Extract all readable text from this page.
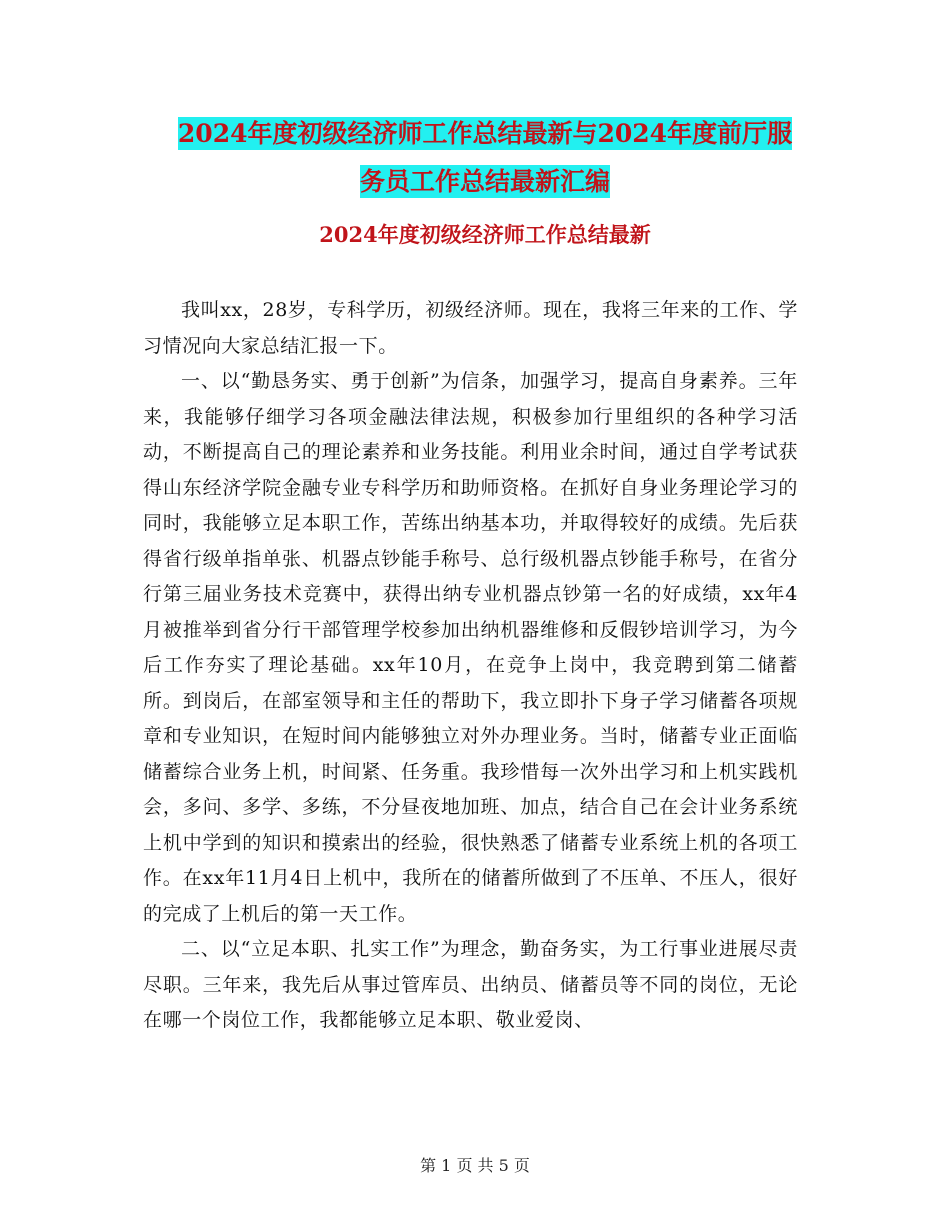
2024年度初级经济师工作总结最新与2024年度前厅服
务员工作总结最新汇编
2024年度初级经济师工作总结最新

我叫xx，28岁，专科学历，初级经济师。现在，我将三年来的工作、学习情况向大家总结汇报一下。

一、以“勤恳务实、勇于创新”为信条，加强学习，提高自身素养。三年来，我能够仔细学习各项金融法律法规，积极参加行里组织的各种学习活动，不断提高自己的理论素养和业务技能。利用业余时间，通过自学考试获得山东经济学院金融专业专科学历和助师资格。在抓好自身业务理论学习的同时，我能够立足本职工作，苦练出纳基本功，并取得较好的成绩。先后获得省行级单指单张、机器点钞能手称号、总行级机器点钞能手称号，在省分行第三届业务技术竞赛中，获得出纳专业机器点钞第一名的好成绩，xx年4月被推举到省分行干部管理学校参加出纳机器维修和反假钞培训学习，为今后工作夯实了理论基础。xx年10月，在竞争上岗中，我竞聘到第二储蓄所。到岗后，在部室领导和主任的帮助下，我立即扑下身子学习储蓄各项规章和专业知识，在短时间内能够独立对外办理业务。当时，储蓄专业正面临储蓄综合业务上机，时间紧、任务重。我珍惜每一次外出学习和上机实践机会，多问、多学、多练，不分昼夜地加班、加点，结合自己在会计业务系统上机中学到的知识和摸索出的经验，很快熟悉了储蓄专业系统上机的各项工作。在xx年11月4日上机中，我所在的储蓄所做到了不压单、不压人，很好的完成了上机后的第一天工作。

二、以“立足本职、扎实工作”为理念，勤奋务实，为工行事业进展尽责尽职。三年来，我先后从事过管库员、出纳员、储蓄员等不同的岗位，无论在哪一个岗位工作，我都能够立足本职、敬业爱岗、

第 1 页 共 5 页
